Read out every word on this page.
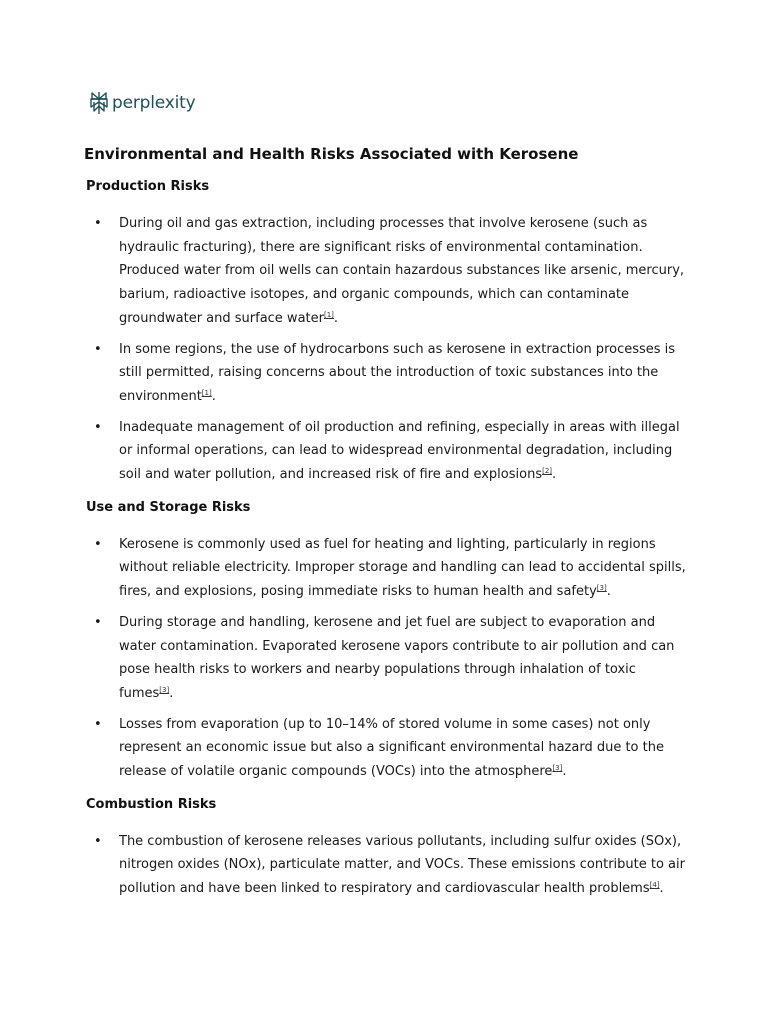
perplexity
Environmental and Health Risks Associated with Kerosene
Production Risks
• During oil and gas extraction, including processes that involve kerosene (such as hydraulic fracturing), there are significant risks of environmental contamination. Produced water from oil wells can contain hazardous substances like arsenic, mercury, barium, radioactive isotopes, and organic compounds, which can contaminate groundwater and surface water[1].
• In some regions, the use of hydrocarbons such as kerosene in extraction processes is still permitted, raising concerns about the introduction of toxic substances into the environment[1].
• Inadequate management of oil production and refining, especially in areas with illegal or informal operations, can lead to widespread environmental degradation, including soil and water pollution, and increased risk of fire and explosions[2].
Use and Storage Risks
• Kerosene is commonly used as fuel for heating and lighting, particularly in regions without reliable electricity. Improper storage and handling can lead to accidental spills, fires, and explosions, posing immediate risks to human health and safety[3].
• During storage and handling, kerosene and jet fuel are subject to evaporation and water contamination. Evaporated kerosene vapors contribute to air pollution and can pose health risks to workers and nearby populations through inhalation of toxic fumes[3].
• Losses from evaporation (up to 10–14% of stored volume in some cases) not only represent an economic issue but also a significant environmental hazard due to the release of volatile organic compounds (VOCs) into the atmosphere[3].
Combustion Risks
• The combustion of kerosene releases various pollutants, including sulfur oxides (SOx), nitrogen oxides (NOx), particulate matter, and VOCs. These emissions contribute to air pollution and have been linked to respiratory and cardiovascular health problems[4].
